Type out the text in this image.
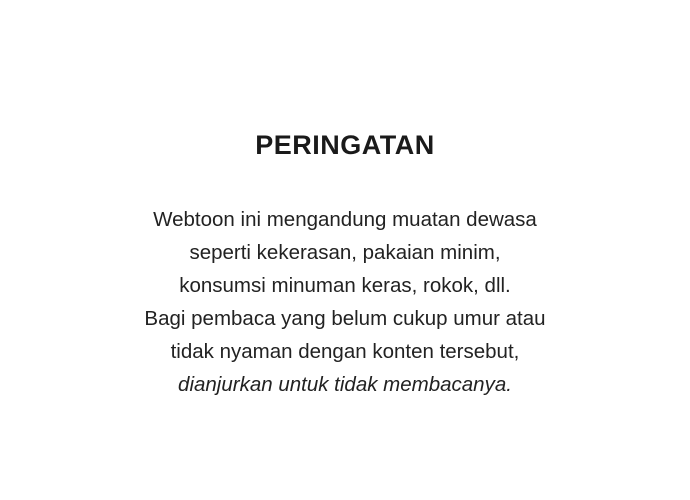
PERINGATAN
Webtoon ini mengandung muatan dewasa
seperti kekerasan, pakaian minim,
konsumsi minuman keras, rokok, dll.
Bagi pembaca yang belum cukup umur atau
tidak nyaman dengan konten tersebut,
dianjurkan untuk tidak membacanya.
